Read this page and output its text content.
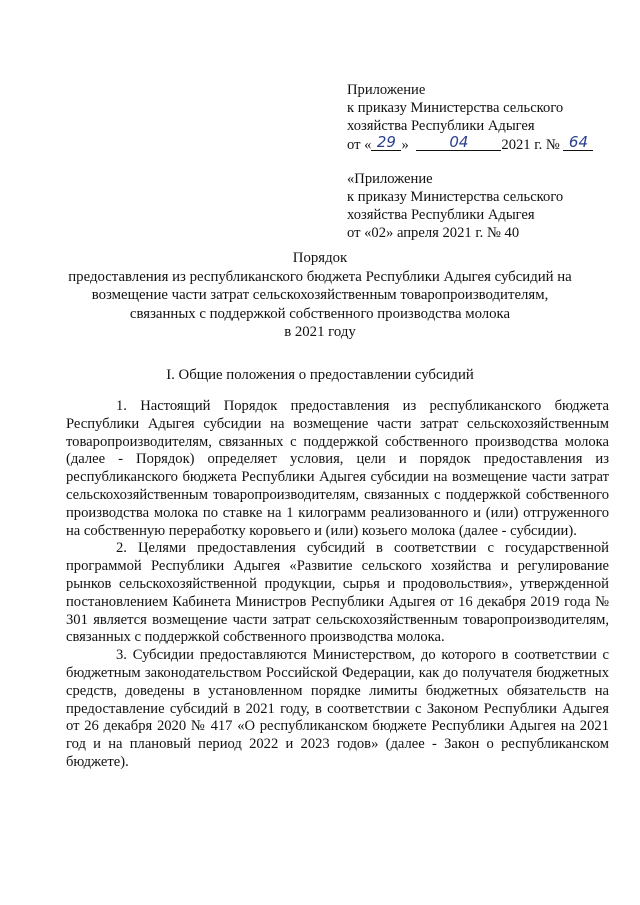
Приложение
к приказу Министерства сельского
хозяйства Республики Адыгея
от « 29 »	04 2021 г. № 64
«Приложение
к приказу Министерства сельского
хозяйства Республики Адыгея
от «02» апреля 2021 г. № 40
Порядок
предоставления из республиканского бюджета Республики Адыгея субсидий на
возмещение части затрат сельскохозяйственным товаропроизводителям,
связанных с поддержкой собственного производства молока
в 2021 году
I. Общие положения о предоставлении субсидий

1. Настоящий Порядок предоставления из республиканского бюджета Республики Адыгея субсидии на возмещение части затрат сельскохозяйственным товаропроизводителям, связанных с поддержкой собственного производства молока (далее - Порядок) определяет условия, цели и порядок предоставления из республиканского бюджета Республики Адыгея субсидии на возмещение части затрат сельскохозяйственным товаропроизводителям, связанных с поддержкой собственного производства молока по ставке на 1 килограмм реализованного и (или) отгруженного на собственную переработку коровьего и (или) козьего молока (далее - субсидии).

2. Целями предоставления субсидий в соответствии с государственной программой Республики Адыгея «Развитие сельского хозяйства и регулирование рынков сельскохозяйственной продукции, сырья и продовольствия», утвержденной постановлением Кабинета Министров Республики Адыгея от 16 декабря 2019 года № 301 является возмещение части затрат сельскохозяйственным товаропроизводителям, связанных с поддержкой собственного производства молока.

3. Субсидии предоставляются Министерством, до которого в соответствии с бюджетным законодательством Российской Федерации, как до получателя бюджетных средств, доведены в установленном порядке лимиты бюджетных обязательств на предоставление субсидий в 2021 году, в соответствии с Законом Республики Адыгея от 26 декабря 2020 № 417 «О республиканском бюджете Республики Адыгея на 2021 год и на плановый период 2022 и 2023 годов» (далее - Закон о республиканском бюджете).
